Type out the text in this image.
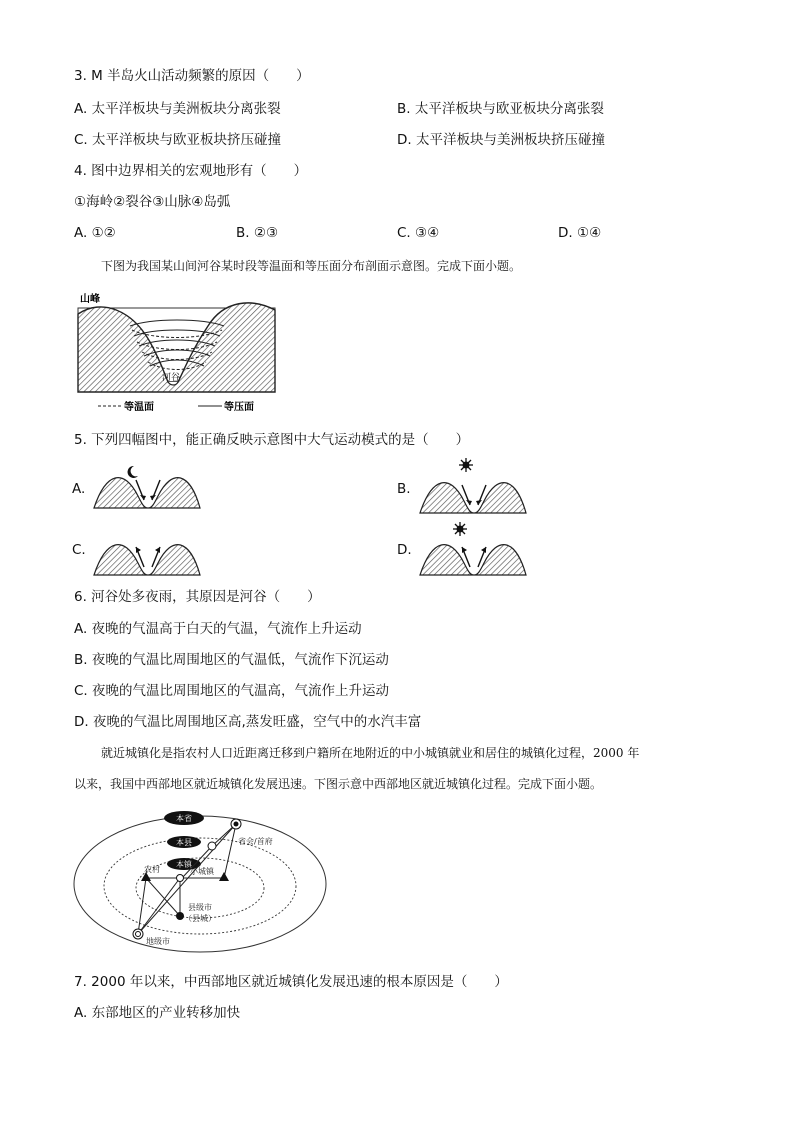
3. M 半岛火山活动频繁的原因（　　）
A. 太平洋板块与美洲板块分离张裂	B. 太平洋板块与欧亚板块分离张裂
C. 太平洋板块与欧亚板块挤压碰撞	D. 太平洋板块与美洲板块挤压碰撞
4. 图中边界相关的宏观地形有（　　）
①海岭②裂谷③山脉④岛弧
A. ①②	B. ②③	C. ③④	D. ①④
下图为我国某山间河谷某时段等温面和等压面分布剖面示意图。完成下面小题。
山峰
河谷
等温面	等压面
5. 下列四幅图中，能正确反映示意图中大气运动模式的是（　　）
A.	B.
C.	D.
6. 河谷处多夜雨，其原因是河谷（　　）
A. 夜晚的气温高于白天的气温，气流作上升运动
B. 夜晚的气温比周围地区的气温低，气流作下沉运动
C. 夜晚的气温比周围地区的气温高，气流作上升运动
D. 夜晚的气温比周围地区高,蒸发旺盛，空气中的水汽丰富
就近城镇化是指农村人口近距离迁移到户籍所在地附近的中小城镇就业和居住的城镇化过程，2000 年
以来，我国中西部地区就近城镇化发展迅速。下图示意中西部地区就近城镇化过程。完成下面小题。
本省
本县
本镇
省会/首府
农村	小城镇
县级市
（县城）
地级市
7. 2000 年以来，中西部地区就近城镇化发展迅速的根本原因是（　　）
A. 东部地区的产业转移加快
